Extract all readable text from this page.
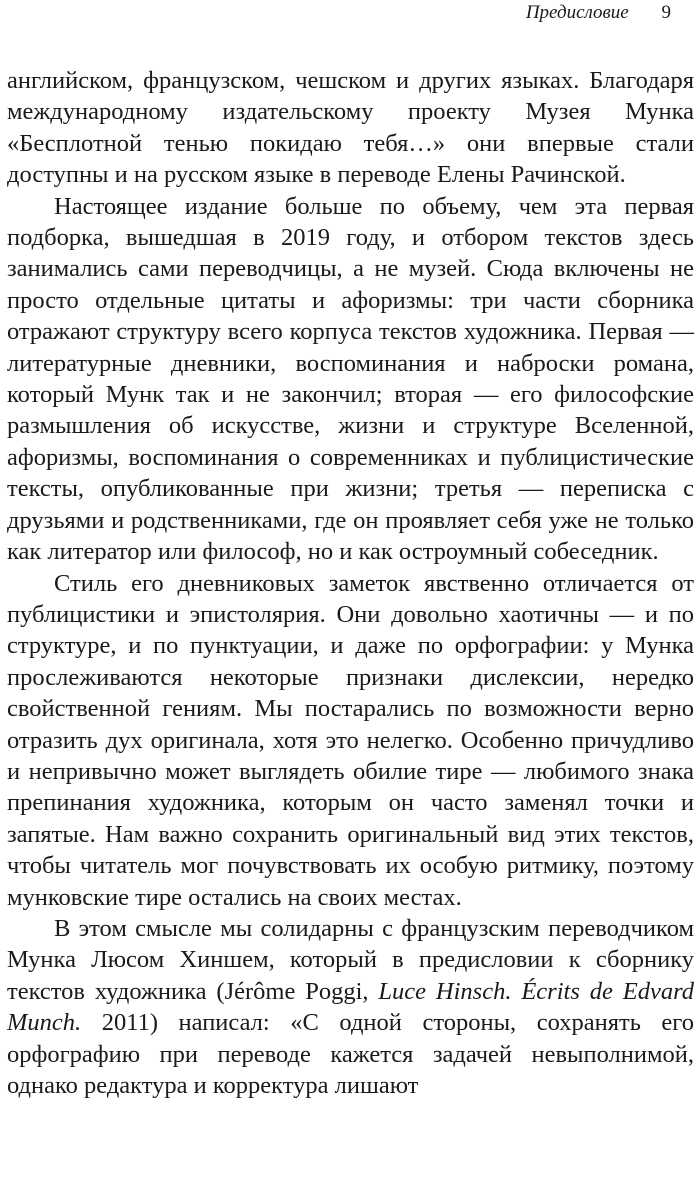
Предисловие 9

английском, французском, чешском и других языках. Благодаря международному издательскому проекту Музея Мунка «Бесплотной тенью покидаю тебя…» они впервые стали доступны и на русском языке в переводе Елены Рачинской.

Настоящее издание больше по объему, чем эта первая подборка, вышедшая в 2019 году, и отбором текстов здесь занимались сами переводчицы, а не музей. Сюда включены не просто отдельные цитаты и афоризмы: три части сборника отражают структуру всего корпуса текстов художника. Первая — литературные дневники, воспоминания и наброски романа, который Мунк так и не закончил; вторая — его философские размышления об искусстве, жизни и структуре Вселенной, афоризмы, воспоминания о современниках и публицистические тексты, опубликованные при жизни; третья — переписка с друзьями и родственниками, где он проявляет себя уже не только как литератор или философ, но и как остроумный собеседник.

Стиль его дневниковых заметок явственно отличается от публицистики и эпистолярия. Они довольно хаотичны — и по структуре, и по пунктуации, и даже по орфографии: у Мунка прослеживаются некоторые признаки дислексии, нередко свойственной гениям. Мы постарались по возможности верно отразить дух оригинала, хотя это нелегко. Особенно причудливо и непривычно может выглядеть обилие тире — любимого знака препинания художника, которым он часто заменял точки и запятые. Нам важно сохранить оригинальный вид этих текстов, чтобы читатель мог почувствовать их особую ритмику, поэтому мунковские тире остались на своих местах.

В этом смысле мы солидарны с французским переводчиком Мунка Люсом Хиншем, который в предисловии к сборнику текстов художника (Jérôme Poggi, Luce Hinsch. Écrits de Edvard Munch. 2011) написал: «С одной стороны, сохранять его орфографию при переводе кажется задачей невыполнимой, однако редактура и корректура лишают
